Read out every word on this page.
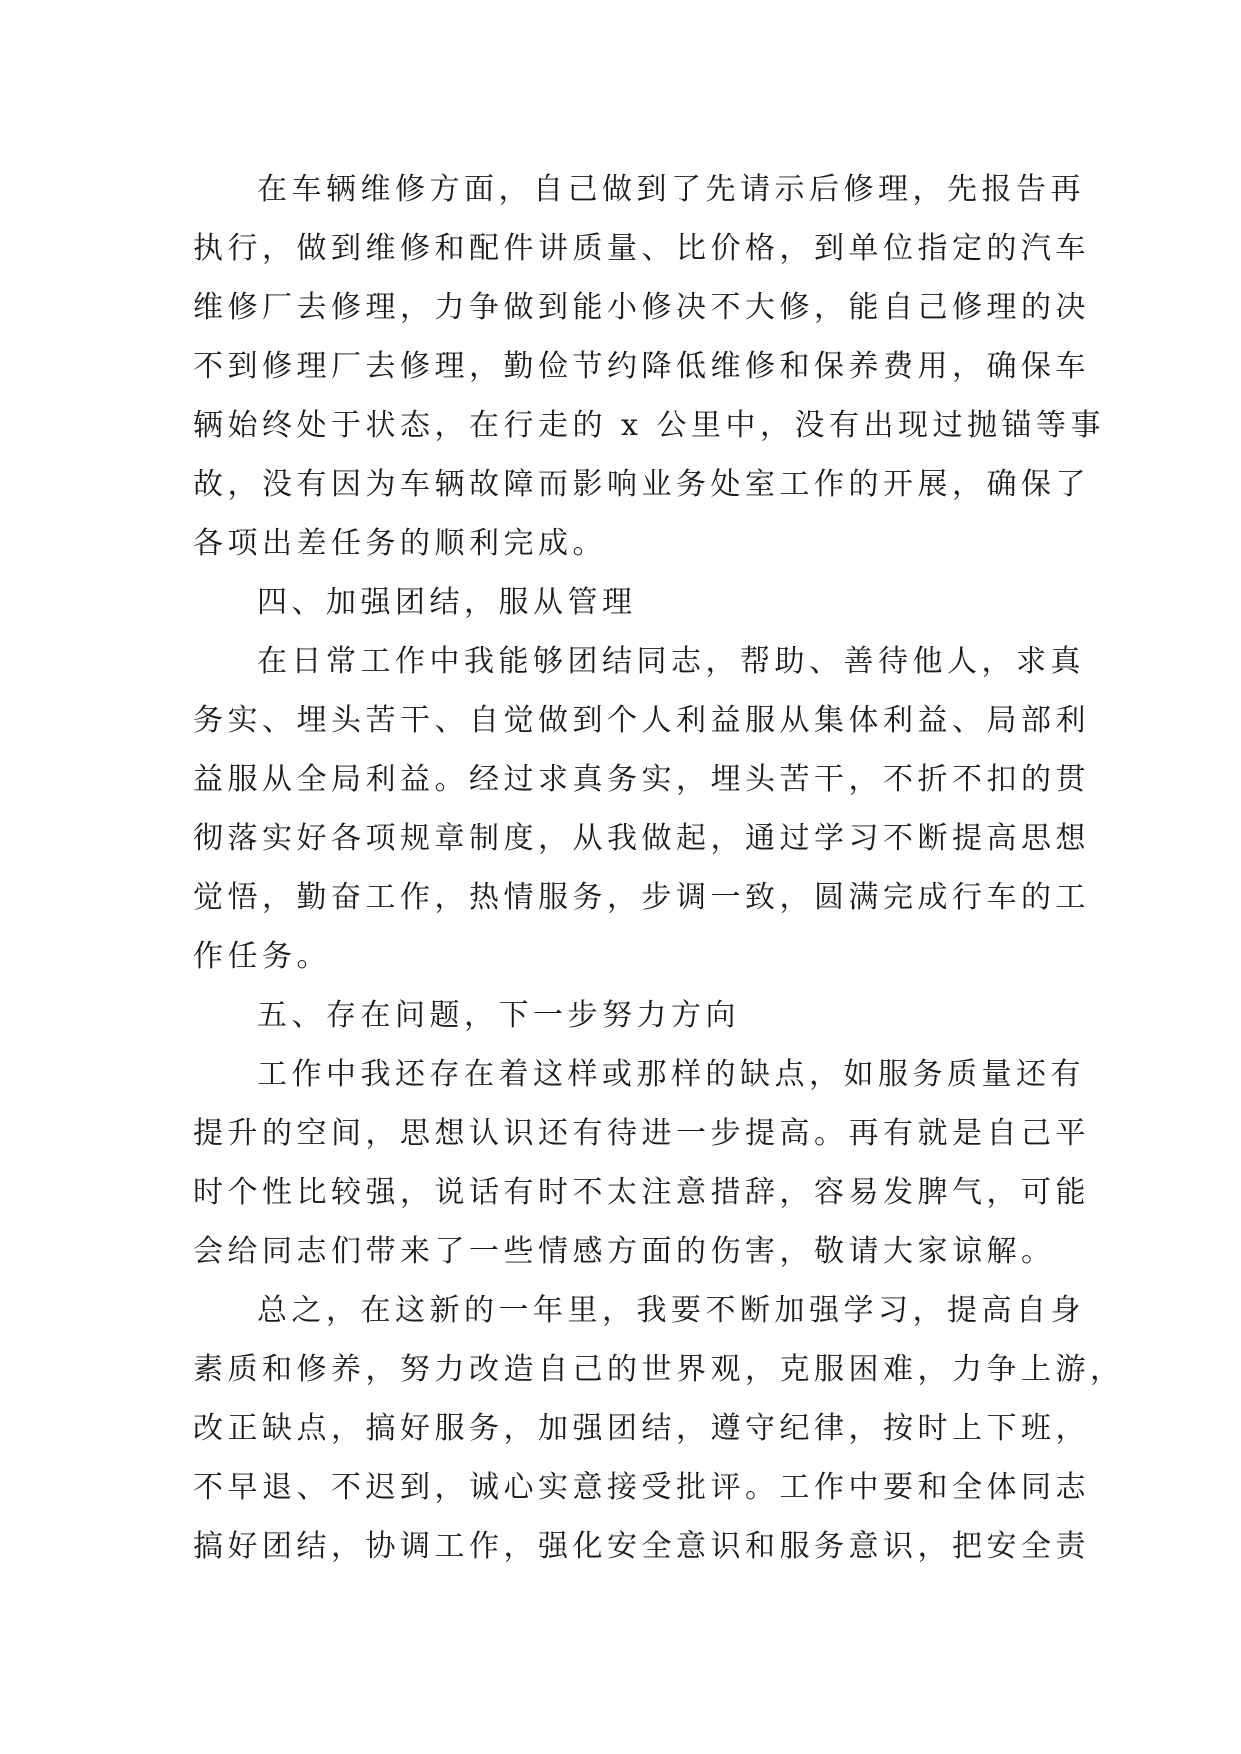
在车辆维修方面，自己做到了先请示后修理，先报告再
执行，做到维修和配件讲质量、比价格，到单位指定的汽车
维修厂去修理，力争做到能小修决不大修，能自己修理的决
不到修理厂去修理，勤俭节约降低维修和保养费用，确保车
辆始终处于状态，在行走的 x 公里中，没有出现过抛锚等事
故，没有因为车辆故障而影响业务处室工作的开展，确保了
各项出差任务的顺利完成。
四、加强团结，服从管理
在日常工作中我能够团结同志，帮助、善待他人，求真
务实、埋头苦干、自觉做到个人利益服从集体利益、局部利
益服从全局利益。经过求真务实，埋头苦干，不折不扣的贯
彻落实好各项规章制度，从我做起，通过学习不断提高思想
觉悟，勤奋工作，热情服务，步调一致，圆满完成行车的工
作任务。
五、存在问题，下一步努力方向
工作中我还存在着这样或那样的缺点，如服务质量还有
提升的空间，思想认识还有待进一步提高。再有就是自己平
时个性比较强，说话有时不太注意措辞，容易发脾气，可能
会给同志们带来了一些情感方面的伤害，敬请大家谅解。
总之，在这新的一年里，我要不断加强学习，提高自身
素质和修养，努力改造自己的世界观，克服困难，力争上游，
改正缺点，搞好服务，加强团结，遵守纪律，按时上下班，
不早退、不迟到，诚心实意接受批评。工作中要和全体同志
搞好团结，协调工作，强化安全意识和服务意识，把安全责
